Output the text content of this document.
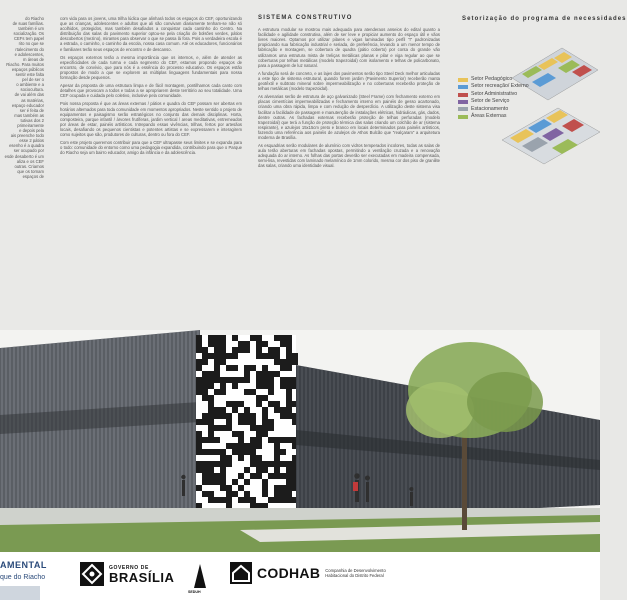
do Riacho
de suas famílias.
também é um
socialização. Os
CEFs tem papel
rito no que se
rtalecimento do
e adolescentes,
m áreas de
Riacho. Para muitos
espaços públicos
sentir este falta
pel de ser o
o ambiente e a
sociocultura.
de vai além das
as matérias,
espaço educador
ser é feita de
mas também as
tutivas dos 2
primeiramente
e depois pela
ais preenche todo
esse 2 pátios
esenho é a quadra
ser ocupado por
esde desaberto é um
aliza e os CEF
outras. Criamos
que os tornam
espaços de

com vida para os jovens, uma trilha lúdica que alinhará todos os espaços do CEF, oportunizando que as crianças, adolescentes e adultos que ali são convivam diariamente tenham-se não só acolhidos, protegidos, mas também desafiados a conquistar cada cantinho do Centro. Na distribuição das salas do pavimento superior optou-se pela criação de bolsões verdes, pátios descobertos (mezino), mirantes para observar o que se passa lá fora. Pois a verdadeira escola é a estrada, o caminho, o caminho da escola, nossa casa comum. Até os educadores, funcionários e familiares terão seus espaços de encontro e de descanso.

Os espaços externos terão a mesma importância que os internos, e, além de atender as especificidades de cada turma e cada segmento do CEF, estamos propondo espaços de encontro, de convívio, que para nós é a essência do processo educativo. Os espaços estão propostos de modo a que se explorem as múltiplas linguagens fundamentais para nossa formação desde pequenos.

Apesar da proposta de uma estrutura limpa e de fácil montagem, pontilhamos cada canto com detalhes que provocam a todos e todas a se apropriarem deste território ao seu totalidade. Uma CEF ocupada e cuidada pelo coletivo, inclusive pela comunidade.

Pois nossa proposta é que as áreas externas / pátios e quadra do CEF possam ser abertas em horários alternados para toda comunidade em momentos apropriados. Neste sentido o projeto de equipamentos e paisagismo serão estratégicos no conjunto das demais disciplinas. Horta, composteira, parque infantil / árvores frutíferas, jardim vertical / areas meditativas, entremeados por áreas de estar, painéis artísticos. Intrepando essas vivências, trilhas, fertos por artesãos locais, desafiando os pequenos cientistas e potentes artistas e se expressarem e interagirem como sujeitos que são, produtores de culturas, dentro ou fora do CEF.

Com este projeto queremos contribuir para que a CEF ultrapasse seus limites e se expanda para o todo: comunidade do entorno como uma pedagogia expandida, contribuindo para que o Parque do Riacho seja um bairro educador, amigo da infância e da adolescência.

SISTEMA CONSTRUTIVO

A estrutura modular se mostrou mais adequada para atenderaos anseios do edital quanto a facilidade e agilidade construtiva, além de ser leve e propiciar aumento do espaço útil e vãos livres maiores. Optamos por utilizar pilares e vigas laminadas tipo perfil "I" padronizadas propiciando sua fabricação industrial e seriada, de preferência, levando a um menor tempo de fabricação e montagem, se cobertura de quadra (pátio coberto) por conta do grande vão utilizamos uma estrutura mista de treliças metálicas planas e pilar e viga regular ao que se coberturas por telhas metálicas (modelo trapezoidal) com isolamento e telhas de policarbonato, para a passagem de luz natural.

A fundação será de concreto, e as lajes dos pavimentos serão tipo Steel Deck melhor articuladas a este tipo de sistema estrutural, quando forem jardim (Pavimento Superior) receberão manta geotêxtil e subtrato mineral sobre impermeabilização e no coberturas receberão proteção de telhas metálicas (modelo trapezoidal).

As alvenarias serão de estrutura de aço galvanizado (Steel Frame) com fechamento externo em placas cimentícias impermeabilizadas e fechamento interno em painéis de gesso acartonado, criando uma obra rápida, limpa e com redução de desperdício. A utilização deste sistema visa facilitar a facilidade de passagem e manutenção de instalações elétricas, hidráulicas, gás, dados, dentre outras. As fachadas externas receberão proteção de telhas perfuradas (modelo trapezoidal) que terá a função de proteção térmica das salas criando um colchão de ar (sistema respirante), e azulejos 15x15cm preto e branco em locais determinados para painéis artísticos, fazendo uma referência aos painéis de azulejos de Athos Bulcão que "realçaram" a arquitetura moderna de Brasília.

As esquadrias serão modulares de alumínio com vidros temperados incolores, todas as salas de aula terão aberturas em fachadas opostas, permitindo a ventilação cruzada e a renovação adequada do ar interno. As folhas das portas deverão ser executadas em madeira compensada, semi-lisa, revestidas com laminado melamínico de 1mm colorido, mesma cor dos piso de granilite das salas, criando uma identidade visual.

Setorização do programa de necessidades
Setor Pedagógico
Setor recreação/ Externo
Setor Administrativo
Setor de Serviço
Estacionamento
Áreas Externas
AMENTAL
que do Riacho
GOVERNO DE
BRASÍLIA
SEDUH
CODHAB Companhia de Desenvolvimento Habitacional do Distrito Federal
